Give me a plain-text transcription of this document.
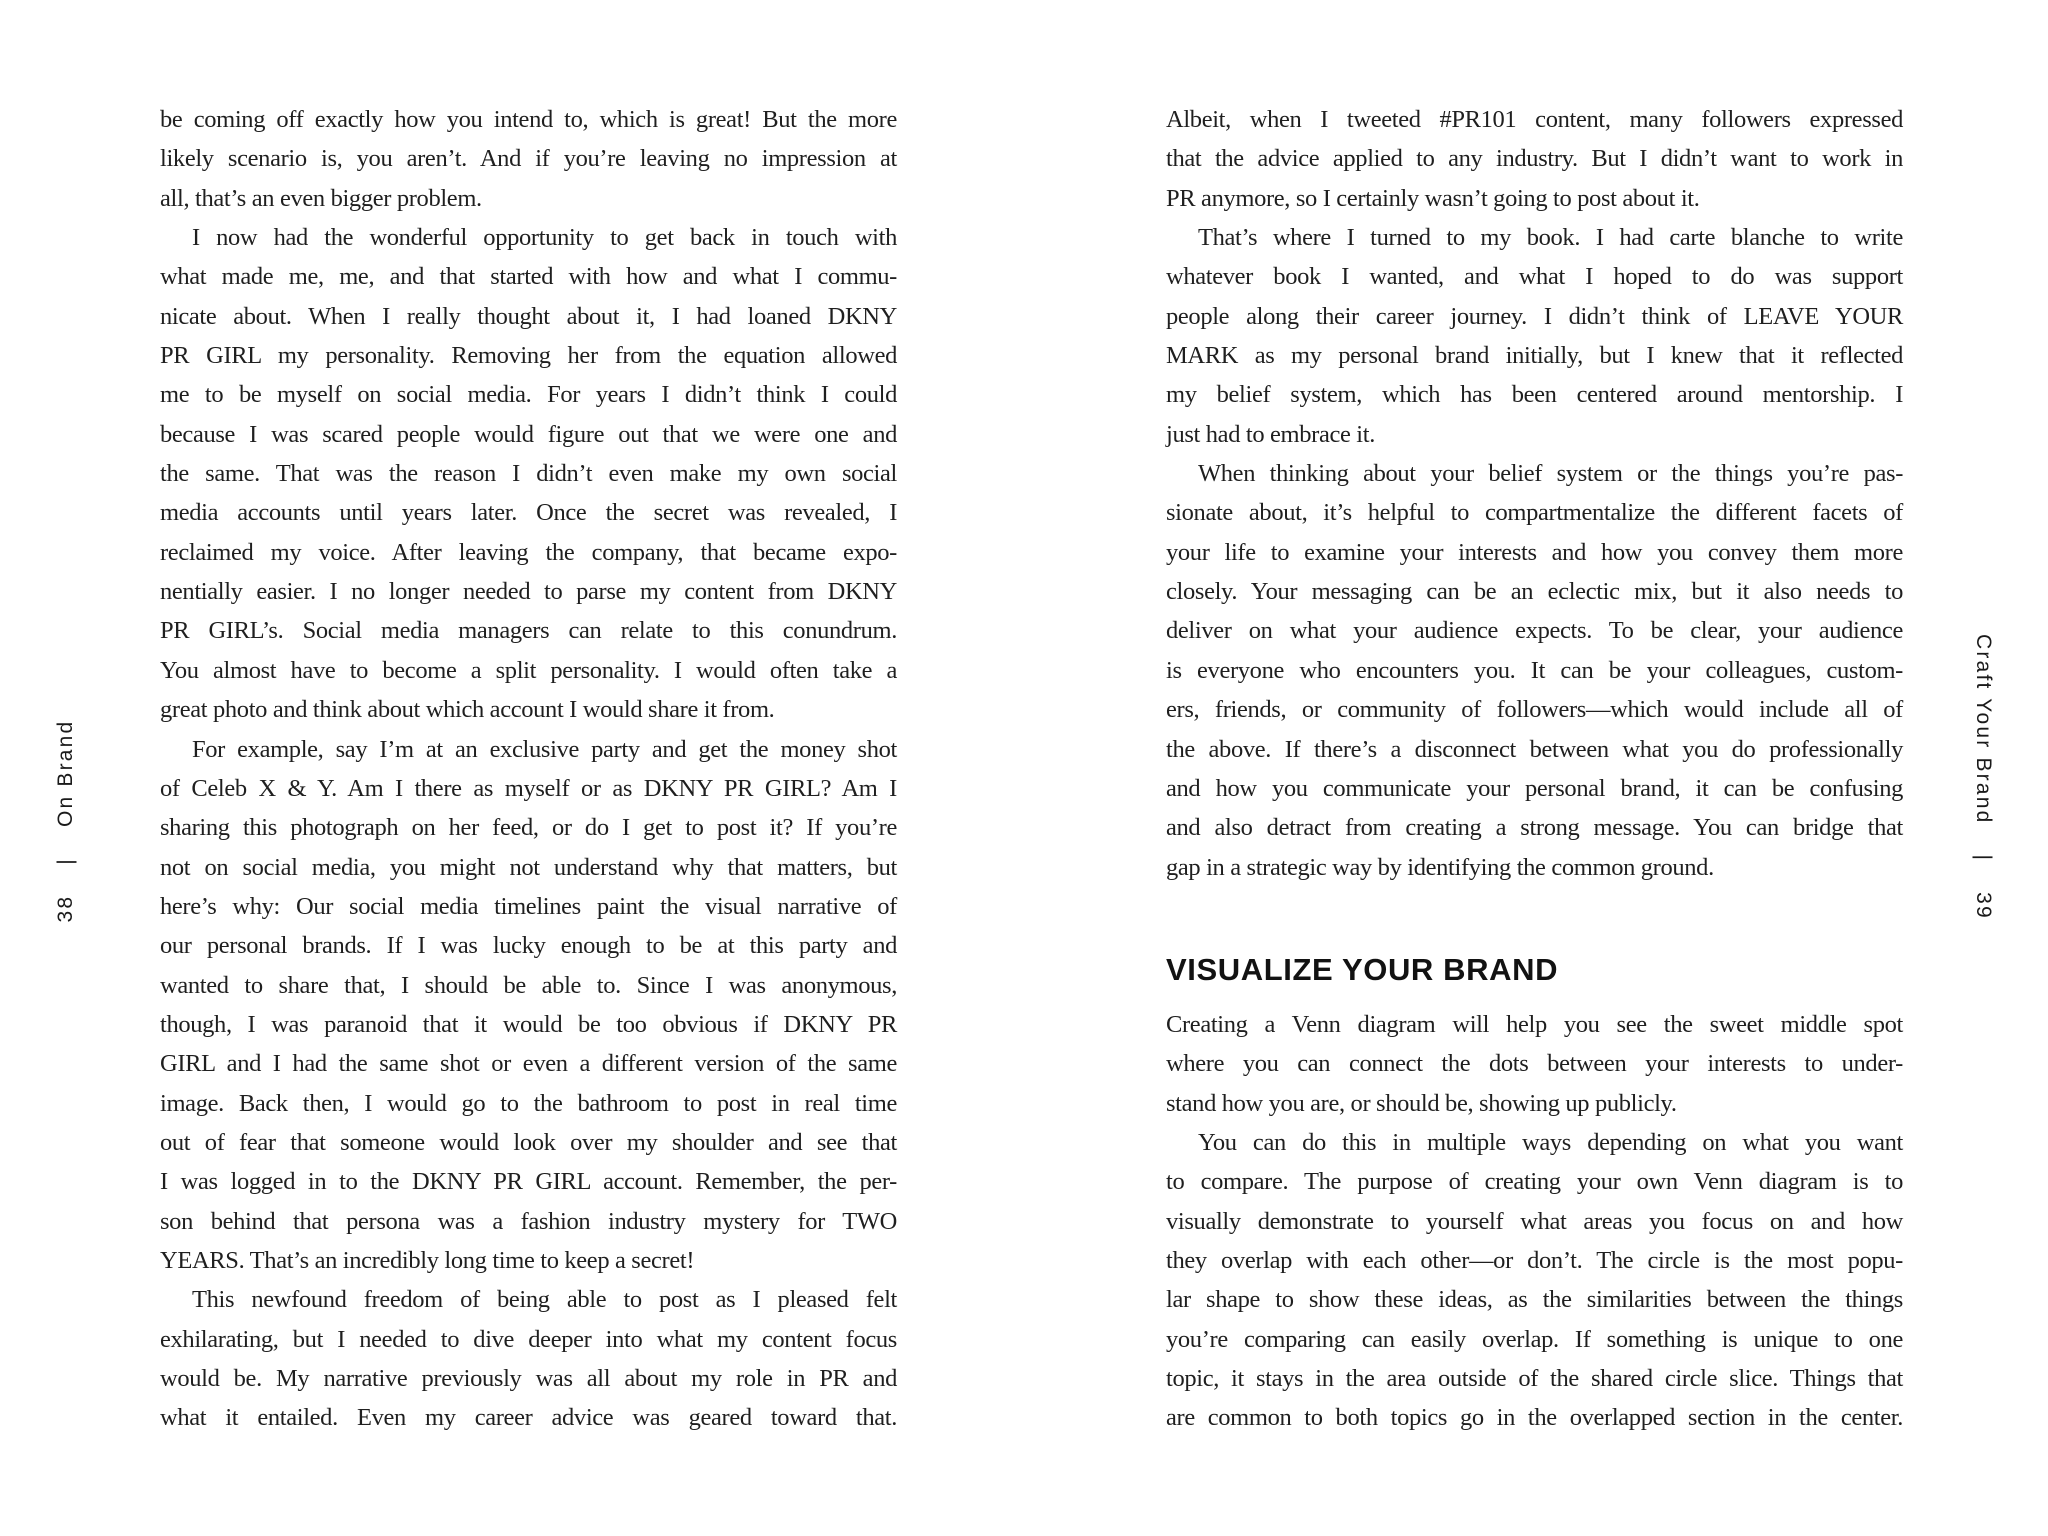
38
|
On Brand	Craft Your Brand
|
39
be coming off exactly how you intend to, which is great! But the more
likely scenario is, you aren’t. And if you’re leaving no impression at
all, that’s an even bigger problem.
I now had the wonderful opportunity to get back in touch with
what made me, me, and that started with how and what I commu-
nicate about. When I really thought about it, I had loaned DKNY
PR GIRL my personality. Removing her from the equation allowed
me to be myself on social media. For years I didn’t think I could
because I was scared people would figure out that we were one and
the same. That was the reason I didn’t even make my own social
media accounts until years later. Once the secret was revealed, I
reclaimed my voice. After leaving the company, that became expo-
nentially easier. I no longer needed to parse my content from DKNY
PR GIRL’s. Social media managers can relate to this conundrum.
You almost have to become a split personality. I would often take a
great photo and think about which account I would share it from.
For example, say I’m at an exclusive party and get the money shot
of Celeb X & Y. Am I there as myself or as DKNY PR GIRL? Am I
sharing this photograph on her feed, or do I get to post it? If you’re
not on social media, you might not understand why that matters, but
here’s why: Our social media timelines paint the visual narrative of
our personal brands. If I was lucky enough to be at this party and
wanted to share that, I should be able to. Since I was anonymous,
though, I was paranoid that it would be too obvious if DKNY PR
GIRL and I had the same shot or even a different version of the same
image. Back then, I would go to the bathroom to post in real time
out of fear that someone would look over my shoulder and see that
I was logged in to the DKNY PR GIRL account. Remember, the per-
son behind that persona was a fashion industry mystery for TWO
YEARS. That’s an incredibly long time to keep a secret!
This newfound freedom of being able to post as I pleased felt
exhilarating, but I needed to dive deeper into what my content focus
would be. My narrative previously was all about my role in PR and
what it entailed. Even my career advice was geared toward that.
Albeit, when I tweeted #PR101 content, many followers expressed
that the advice applied to any industry. But I didn’t want to work in
PR anymore, so I certainly wasn’t going to post about it.
That’s where I turned to my book. I had carte blanche to write
whatever book I wanted, and what I hoped to do was support
people along their career journey. I didn’t think of LEAVE YOUR
MARK as my personal brand initially, but I knew that it reflected
my belief system, which has been centered around mentorship. I
just had to embrace it.
When thinking about your belief system or the things you’re pas-
sionate about, it’s helpful to compartmentalize the different facets of
your life to examine your interests and how you convey them more
closely. Your messaging can be an eclectic mix, but it also needs to
deliver on what your audience expects. To be clear, your audience
is everyone who encounters you. It can be your colleagues, custom-
ers, friends, or community of followers—which would include all of
the above. If there’s a disconnect between what you do professionally
and how you communicate your personal brand, it can be confusing
and also detract from creating a strong message. You can bridge that
gap in a strategic way by identifying the common ground.
VISUALIZE YOUR BRAND
Creating a Venn diagram will help you see the sweet middle spot
where you can connect the dots between your interests to under-
stand how you are, or should be, showing up publicly.
You can do this in multiple ways depending on what you want
to compare. The purpose of creating your own Venn diagram is to
visually demonstrate to yourself what areas you focus on and how
they overlap with each other—or don’t. The circle is the most popu-
lar shape to show these ideas, as the similarities between the things
you’re comparing can easily overlap. If something is unique to one
topic, it stays in the area outside of the shared circle slice. Things that
are common to both topics go in the overlapped section in the center.
